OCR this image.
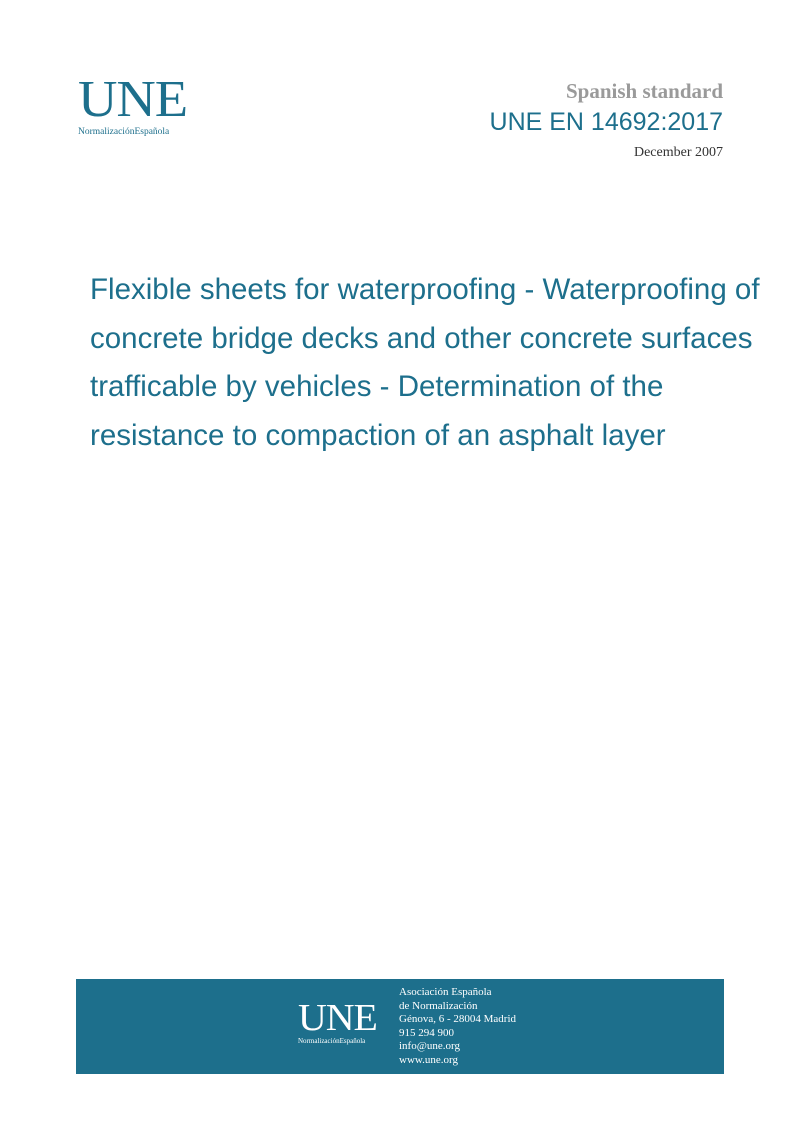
UNE
NormalizaciónEspañola
Spanish standard
UNE EN 14692:2017
December 2007
Flexible sheets for waterproofing - Waterproofing of concrete bridge decks and other concrete surfaces trafficable by vehicles - Determination of the resistance to compaction of an asphalt layer
UNE
NormalizaciónEspañola
Asociación Española
de Normalización
Génova, 6 - 28004 Madrid
915 294 900
info@une.org
www.une.org
